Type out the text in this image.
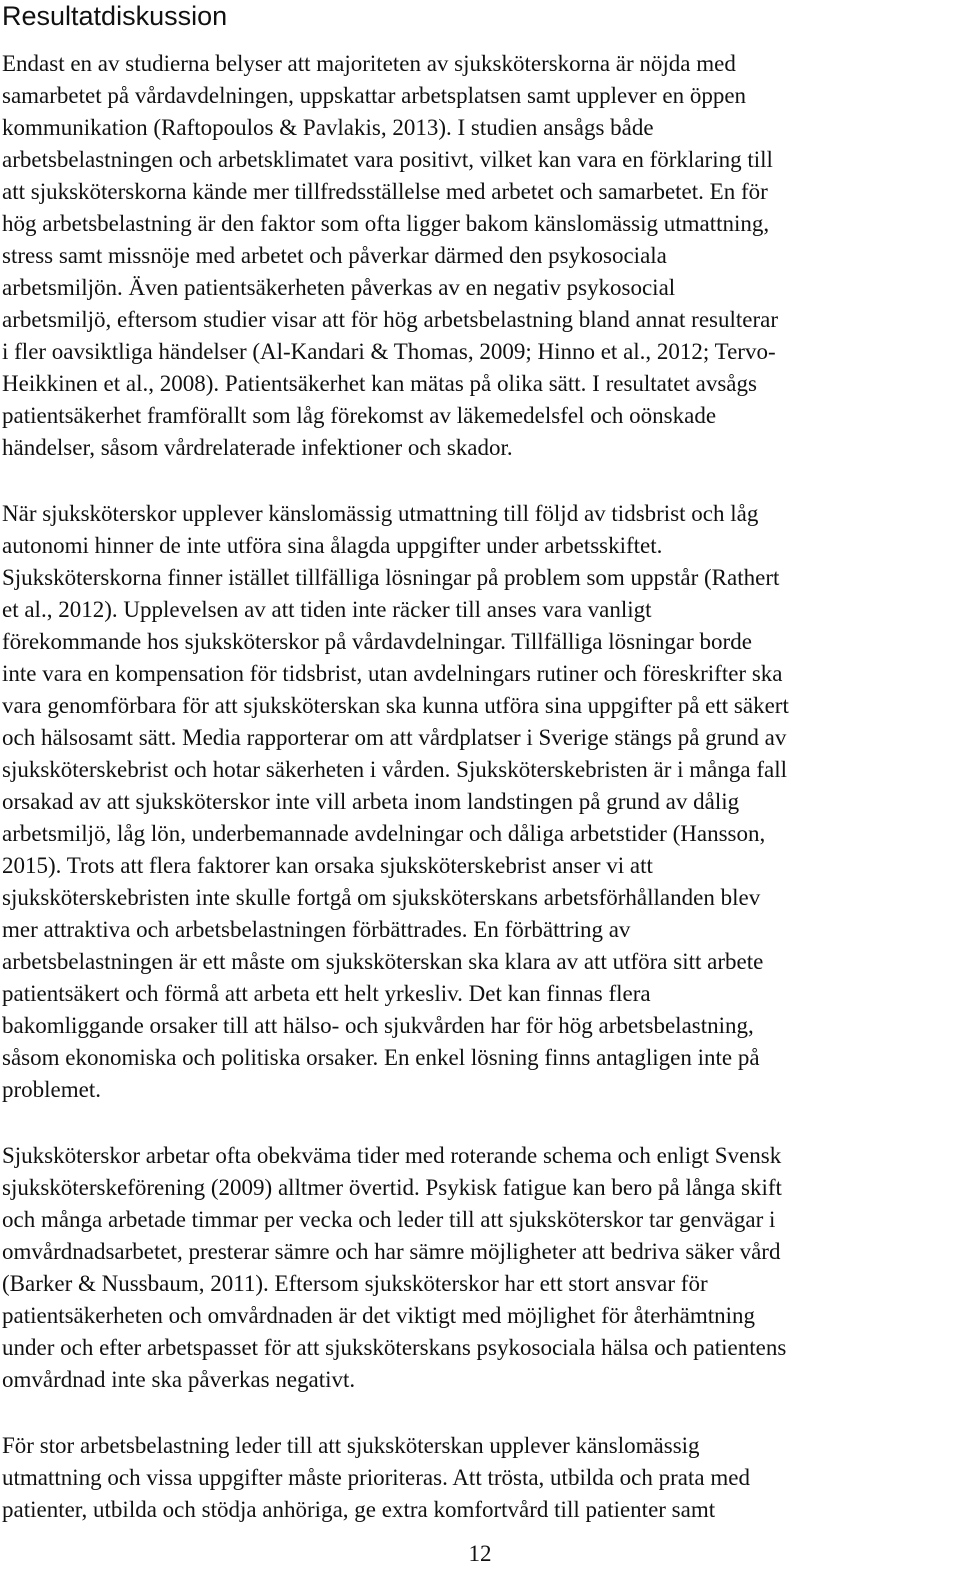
Resultatdiskussion
Endast en av studierna belyser att majoriteten av sjuksköterskorna är nöjda med
samarbetet på vårdavdelningen, uppskattar arbetsplatsen samt upplever en öppen
kommunikation (Raftopoulos & Pavlakis, 2013). I studien ansågs både
arbetsbelastningen och arbetsklimatet vara positivt, vilket kan vara en förklaring till
att sjuksköterskorna kände mer tillfredsställelse med arbetet och samarbetet. En för
hög arbetsbelastning är den faktor som ofta ligger bakom känslomässig utmattning,
stress samt missnöje med arbetet och påverkar därmed den psykosociala
arbetsmiljön. Även patientsäkerheten påverkas av en negativ psykosocial
arbetsmiljö, eftersom studier visar att för hög arbetsbelastning bland annat resulterar
i fler oavsiktliga händelser (Al-Kandari & Thomas, 2009; Hinno et al., 2012; Tervo-
Heikkinen et al., 2008). Patientsäkerhet kan mätas på olika sätt. I resultatet avsågs
patientsäkerhet framförallt som låg förekomst av läkemedelsfel och oönskade
händelser, såsom vårdrelaterade infektioner och skador.
När sjuksköterskor upplever känslomässig utmattning till följd av tidsbrist och låg
autonomi hinner de inte utföra sina ålagda uppgifter under arbetsskiftet.
Sjuksköterskorna finner istället tillfälliga lösningar på problem som uppstår (Rathert
et al., 2012). Upplevelsen av att tiden inte räcker till anses vara vanligt
förekommande hos sjuksköterskor på vårdavdelningar. Tillfälliga lösningar borde
inte vara en kompensation för tidsbrist, utan avdelningars rutiner och föreskrifter ska
vara genomförbara för att sjuksköterskan ska kunna utföra sina uppgifter på ett säkert
och hälsosamt sätt. Media rapporterar om att vårdplatser i Sverige stängs på grund av
sjuksköterskebrist och hotar säkerheten i vården. Sjuksköterskebristen är i många fall
orsakad av att sjuksköterskor inte vill arbeta inom landstingen på grund av dålig
arbetsmiljö, låg lön, underbemannade avdelningar och dåliga arbetstider (Hansson,
2015). Trots att flera faktorer kan orsaka sjuksköterskebrist anser vi att
sjuksköterskebristen inte skulle fortgå om sjuksköterskans arbetsförhållanden blev
mer attraktiva och arbetsbelastningen förbättrades. En förbättring av
arbetsbelastningen är ett måste om sjuksköterskan ska klara av att utföra sitt arbete
patientsäkert och förmå att arbeta ett helt yrkesliv. Det kan finnas flera
bakomliggande orsaker till att hälso- och sjukvården har för hög arbetsbelastning,
såsom ekonomiska och politiska orsaker. En enkel lösning finns antagligen inte på
problemet.
Sjuksköterskor arbetar ofta obekväma tider med roterande schema och enligt Svensk
sjuksköterskeförening (2009) alltmer övertid. Psykisk fatigue kan bero på långa skift
och många arbetade timmar per vecka och leder till att sjuksköterskor tar genvägar i
omvårdnadsarbetet, presterar sämre och har sämre möjligheter att bedriva säker vård
(Barker & Nussbaum, 2011). Eftersom sjuksköterskor har ett stort ansvar för
patientsäkerheten och omvårdnaden är det viktigt med möjlighet för återhämtning
under och efter arbetspasset för att sjuksköterskans psykosociala hälsa och patientens
omvårdnad inte ska påverkas negativt.
För stor arbetsbelastning leder till att sjuksköterskan upplever känslomässig
utmattning och vissa uppgifter måste prioriteras. Att trösta, utbilda och prata med
patienter, utbilda och stödja anhöriga, ge extra komfortvård till patienter samt
12
